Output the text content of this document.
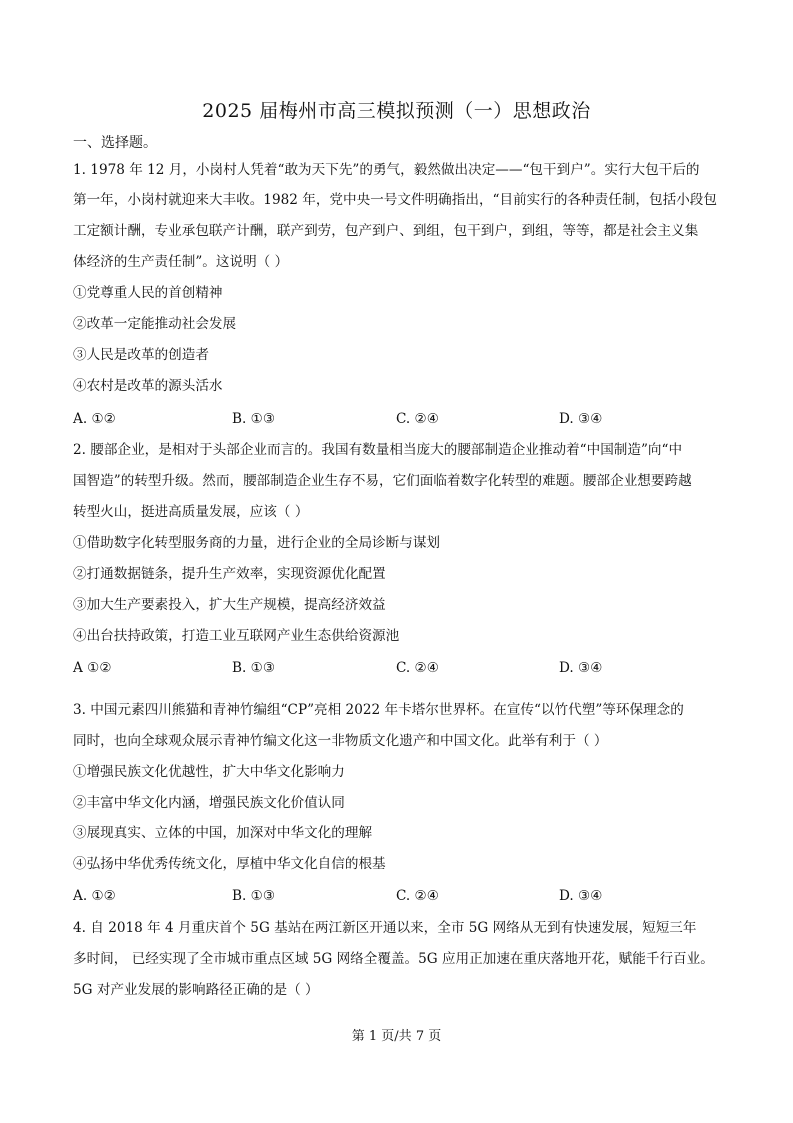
2025 届梅州市高三模拟预测（一）思想政治
一、选择题。
1. 1978 年 12 月，小岗村人凭着“敢为天下先”的勇气，毅然做出决定——“包干到户”。实行大包干后的
第一年，小岗村就迎来大丰收。1982 年，党中央一号文件明确指出，“目前实行的各种责任制，包括小段包
工定额计酬，专业承包联产计酬，联产到劳，包产到户、到组，包干到户，到组，等等，都是社会主义集
体经济的生产责任制”。这说明（ ）
①党尊重人民的首创精神
②改革一定能推动社会发展
③人民是改革的创造者
④农村是改革的源头活水
A. ①②	B. ①③	C. ②④	D. ③④
2. 腰部企业，是相对于头部企业而言的。我国有数量相当庞大的腰部制造企业推动着“中国制造”向“中
国智造”的转型升级。然而，腰部制造企业生存不易，它们面临着数字化转型的难题。腰部企业想要跨越
转型火山，挺进高质量发展，应该（ ）
①借助数字化转型服务商的力量，进行企业的全局诊断与谋划
②打通数据链条，提升生产效率，实现资源优化配置
③加大生产要素投入，扩大生产规模，提高经济效益
④出台扶持政策，打造工业互联网产业生态供给资源池
A ①②	B. ①③	C. ②④	D. ③④
3. 中国元素四川熊猫和青神竹编组“CP”亮相 2022 年卡塔尔世界杯。在宣传“以竹代塑”等环保理念的
同时，也向全球观众展示青神竹编文化这一非物质文化遗产和中国文化。此举有利于（ ）
①增强民族文化优越性，扩大中华文化影响力
②丰富中华文化内涵，增强民族文化价值认同
③展现真实、立体的中国，加深对中华文化的理解
④弘扬中华优秀传统文化，厚植中华文化自信的根基
A. ①②	B. ①③	C. ②④	D. ③④
4. 自 2018 年 4 月重庆首个 5G 基站在两江新区开通以来，全市 5G 网络从无到有快速发展，短短三年
多时间， 已经实现了全市城市重点区域 5G 网络全覆盖。5G 应用正加速在重庆落地开花，赋能千行百业。
5G 对产业发展的影响路径正确的是（ ）
第 1 页/共 7 页
